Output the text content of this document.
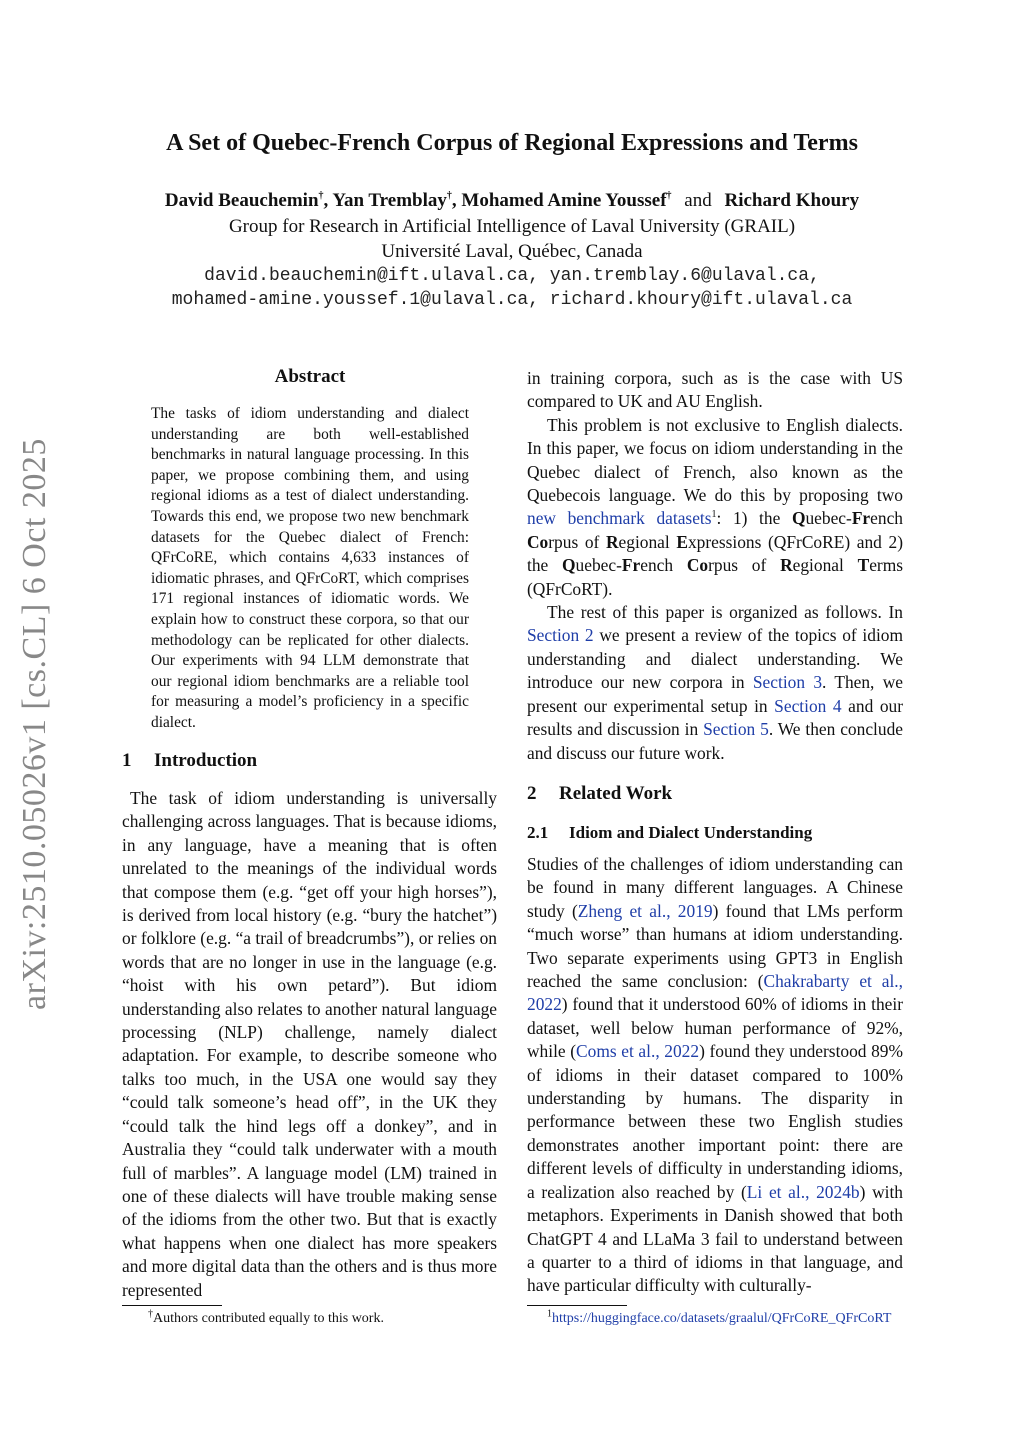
arXiv:2510.05026v1 [cs.CL] 6 Oct 2025
A Set of Quebec-French Corpus of Regional Expressions and Terms
David Beauchemin†, Yan Tremblay†, Mohamed Amine Youssef† and Richard Khoury
Group for Research in Artificial Intelligence of Laval University (GRAIL)
Université Laval, Québec, Canada
david.beauchemin@ift.ulaval.ca, yan.tremblay.6@ulaval.ca,
mohamed-amine.youssef.1@ulaval.ca, richard.khoury@ift.ulaval.ca
Abstract
The tasks of idiom understanding and dialect understanding are both well-established benchmarks in natural language processing. In this paper, we propose combining them, and using regional idioms as a test of dialect understanding. Towards this end, we propose two new benchmark datasets for the Quebec dialect of French: QFrCoRE, which contains 4,633 instances of idiomatic phrases, and QFrCoRT, which comprises 171 regional instances of idiomatic words. We explain how to construct these corpora, so that our methodology can be replicated for other dialects. Our experiments with 94 LLM demonstrate that our regional idiom benchmarks are a reliable tool for measuring a model’s proficiency in a specific dialect.
1 Introduction

The task of idiom understanding is universally challenging across languages. That is because idioms, in any language, have a meaning that is often unrelated to the meanings of the individual words that compose them (e.g. “get off your high horses”), is derived from local history (e.g. “bury the hatchet”) or folklore (e.g. “a trail of breadcrumbs”), or relies on words that are no longer in use in the language (e.g. “hoist with his own petard”). But idiom understanding also relates to another natural language processing (NLP) challenge, namely dialect adaptation. For example, to describe someone who talks too much, in the USA one would say they “could talk someone’s head off”, in the UK they “could talk the hind legs off a donkey”, and in Australia they “could talk underwater with a mouth full of marbles”. A language model (LM) trained in one of these dialects will have trouble making sense of the idioms from the other two. But that is exactly what happens when one dialect has more speakers and more digital data than the others and is thus more represented

†Authors contributed equally to this work.

in training corpora, such as is the case with US compared to UK and AU English.

This problem is not exclusive to English dialects. In this paper, we focus on idiom understanding in the Quebec dialect of French, also known as the Quebecois language. We do this by proposing two new benchmark datasets$^1$: 1) the Quebec-French Corpus of Regional Expressions (QFrCoRE) and 2) the Quebec-French Corpus of Regional Terms (QFrCoRT).

The rest of this paper is organized as follows. In Section 2 we present a review of the topics of idiom understanding and dialect understanding. We introduce our new corpora in Section 3. Then, we present our experimental setup in Section 4 and our results and discussion in Section 5. We then conclude and discuss our future work.

2 Related Work
2.1 Idiom and Dialect Understanding

Studies of the challenges of idiom understanding can be found in many different languages. A Chinese study (Zheng et al., 2019) found that LMs perform “much worse” than humans at idiom understanding. Two separate experiments using GPT3 in English reached the same conclusion: (Chakrabarty et al., 2022) found that it understood 60% of idioms in their dataset, well below human performance of 92%, while (Coms et al., 2022) found they understood 89% of idioms in their dataset compared to 100% understanding by humans. The disparity in performance between these two English studies demonstrates another important point: there are different levels of difficulty in understanding idioms, a realization also reached by (Li et al., 2024b) with metaphors. Experiments in Danish showed that both ChatGPT 4 and LLaMa 3 fail to understand between a quarter to a third of idioms in that language, and have particular difficulty with culturally-

$^1$https://huggingface.co/datasets/graalul/QFrCoRE_QFrCoRT
